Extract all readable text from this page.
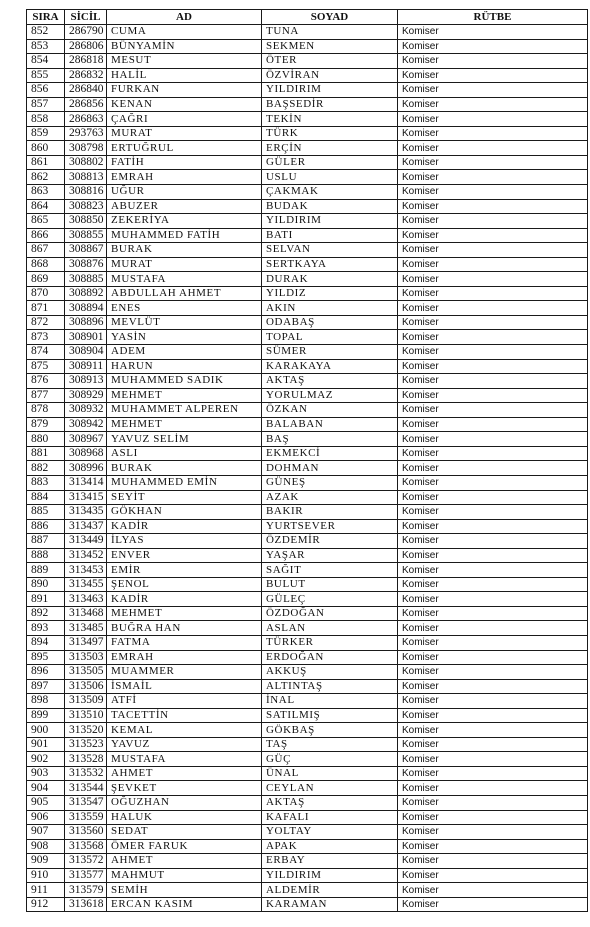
SIRA	SİCİL	AD	SOYAD	RÜTBE
852	286790	CUMA	TUNA	Komiser
853	286806	BÜNYAMİN	SEKMEN	Komiser
854	286818	MESUT	ÖTER	Komiser
855	286832	HALİL	ÖZVİRAN	Komiser
856	286840	FURKAN	YILDIRIM	Komiser
857	286856	KENAN	BAŞSEDİR	Komiser
858	286863	ÇAĞRI	TEKİN	Komiser
859	293763	MURAT	TÜRK	Komiser
860	308798	ERTUĞRUL	ERÇİN	Komiser
861	308802	FATİH	GÜLER	Komiser
862	308813	EMRAH	USLU	Komiser
863	308816	UĞUR	ÇAKMAK	Komiser
864	308823	ABUZER	BUDAK	Komiser
865	308850	ZEKERİYA	YILDIRIM	Komiser
866	308855	MUHAMMED FATİH	BATI	Komiser
867	308867	BURAK	SELVAN	Komiser
868	308876	MURAT	SERTKAYA	Komiser
869	308885	MUSTAFA	DURAK	Komiser
870	308892	ABDULLAH AHMET	YILDIZ	Komiser
871	308894	ENES	AKIN	Komiser
872	308896	MEVLÜT	ODABAŞ	Komiser
873	308901	YASİN	TOPAL	Komiser
874	308904	ADEM	SÜMER	Komiser
875	308911	HARUN	KARAKAYA	Komiser
876	308913	MUHAMMED SADIK	AKTAŞ	Komiser
877	308929	MEHMET	YORULMAZ	Komiser
878	308932	MUHAMMET ALPEREN	ÖZKAN	Komiser
879	308942	MEHMET	BALABAN	Komiser
880	308967	YAVUZ SELİM	BAŞ	Komiser
881	308968	ASLI	EKMEKCİ	Komiser
882	308996	BURAK	DOHMAN	Komiser
883	313414	MUHAMMED EMİN	GÜNEŞ	Komiser
884	313415	SEYİT	AZAK	Komiser
885	313435	GÖKHAN	BAKIR	Komiser
886	313437	KADİR	YURTSEVER	Komiser
887	313449	İLYAS	ÖZDEMİR	Komiser
888	313452	ENVER	YAŞAR	Komiser
889	313453	EMİR	SAĞIT	Komiser
890	313455	ŞENOL	BULUT	Komiser
891	313463	KADİR	GÜLEÇ	Komiser
892	313468	MEHMET	ÖZDOĞAN	Komiser
893	313485	BUĞRA HAN	ASLAN	Komiser
894	313497	FATMA	TÜRKER	Komiser
895	313503	EMRAH	ERDOĞAN	Komiser
896	313505	MUAMMER	AKKUŞ	Komiser
897	313506	İSMAİL	ALTINTAŞ	Komiser
898	313509	ATFİ	İNAL	Komiser
899	313510	TACETTİN	SATILMIŞ	Komiser
900	313520	KEMAL	GÖKBAŞ	Komiser
901	313523	YAVUZ	TAŞ	Komiser
902	313528	MUSTAFA	GÜÇ	Komiser
903	313532	AHMET	ÜNAL	Komiser
904	313544	ŞEVKET	CEYLAN	Komiser
905	313547	OĞUZHAN	AKTAŞ	Komiser
906	313559	HALUK	KAFALI	Komiser
907	313560	SEDAT	YOLTAY	Komiser
908	313568	ÖMER FARUK	APAK	Komiser
909	313572	AHMET	ERBAY	Komiser
910	313577	MAHMUT	YILDIRIM	Komiser
911	313579	SEMİH	ALDEMİR	Komiser
912	313618	ERCAN KASIM	KARAMAN	Komiser
